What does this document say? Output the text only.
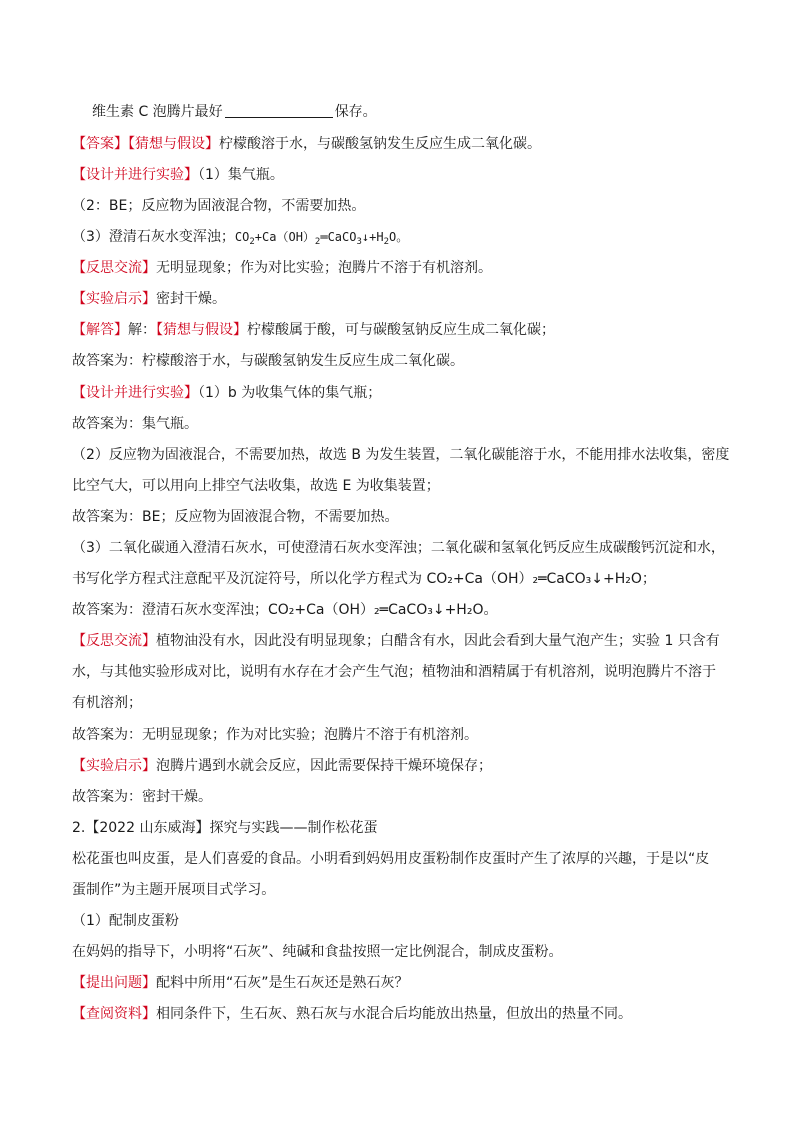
维生素 C 泡腾片最好	保存。
【答案】【猜想与假设】柠檬酸溶于水，与碳酸氢钠发生反应生成二氧化碳。
【设计并进行实验】（1）集气瓶。
（2：BE；反应物为固液混合物，不需要加热。
（3）澄清石灰水变浑浊；$CO_2+Ca(OH)_2═CaCO_3↓+H_2O$。
【反思交流】无明显现象；作为对比实验；泡腾片不溶于有机溶剂。
【实验启示】密封干燥。
【解答】解：【猜想与假设】柠檬酸属于酸，可与碳酸氢钠反应生成二氧化碳；
故答案为：柠檬酸溶于水，与碳酸氢钠发生反应生成二氧化碳。
【设计并进行实验】（1）b 为收集气体的集气瓶；
故答案为：集气瓶。
（2）反应物为固液混合，不需要加热，故选 B 为发生装置，二氧化碳能溶于水，不能用排水法收集，密度
比空气大，可以用向上排空气法收集，故选 E 为收集装置；
故答案为：BE；反应物为固液混合物，不需要加热。
（3）二氧化碳通入澄清石灰水，可使澄清石灰水变浑浊；二氧化碳和氢氧化钙反应生成碳酸钙沉淀和水，
书写化学方程式注意配平及沉淀符号，所以化学方程式为 CO₂+Ca（OH）₂═CaCO₃↓+H₂O；
故答案为：澄清石灰水变浑浊；CO₂+Ca（OH）₂═CaCO₃↓+H₂O。
【反思交流】植物油没有水，因此没有明显现象；白醋含有水，因此会看到大量气泡产生；实验 1 只含有
水，与其他实验形成对比，说明有水存在才会产生气泡；植物油和酒精属于有机溶剂，说明泡腾片不溶于
有机溶剂；
故答案为：无明显现象；作为对比实验；泡腾片不溶于有机溶剂。
【实验启示】泡腾片遇到水就会反应，因此需要保持干燥环境保存；
故答案为：密封干燥。
2.【2022 山东威海】探究与实践——制作松花蛋
松花蛋也叫皮蛋，是人们喜爱的食品。小明看到妈妈用皮蛋粉制作皮蛋时产生了浓厚的兴趣，于是以“皮
蛋制作”为主题开展项目式学习。
（1）配制皮蛋粉
在妈妈的指导下，小明将“石灰”、纯碱和食盐按照一定比例混合，制成皮蛋粉。
【提出问题】配料中所用“石灰”是生石灰还是熟石灰？
【查阅资料】相同条件下，生石灰、熟石灰与水混合后均能放出热量，但放出的热量不同。
